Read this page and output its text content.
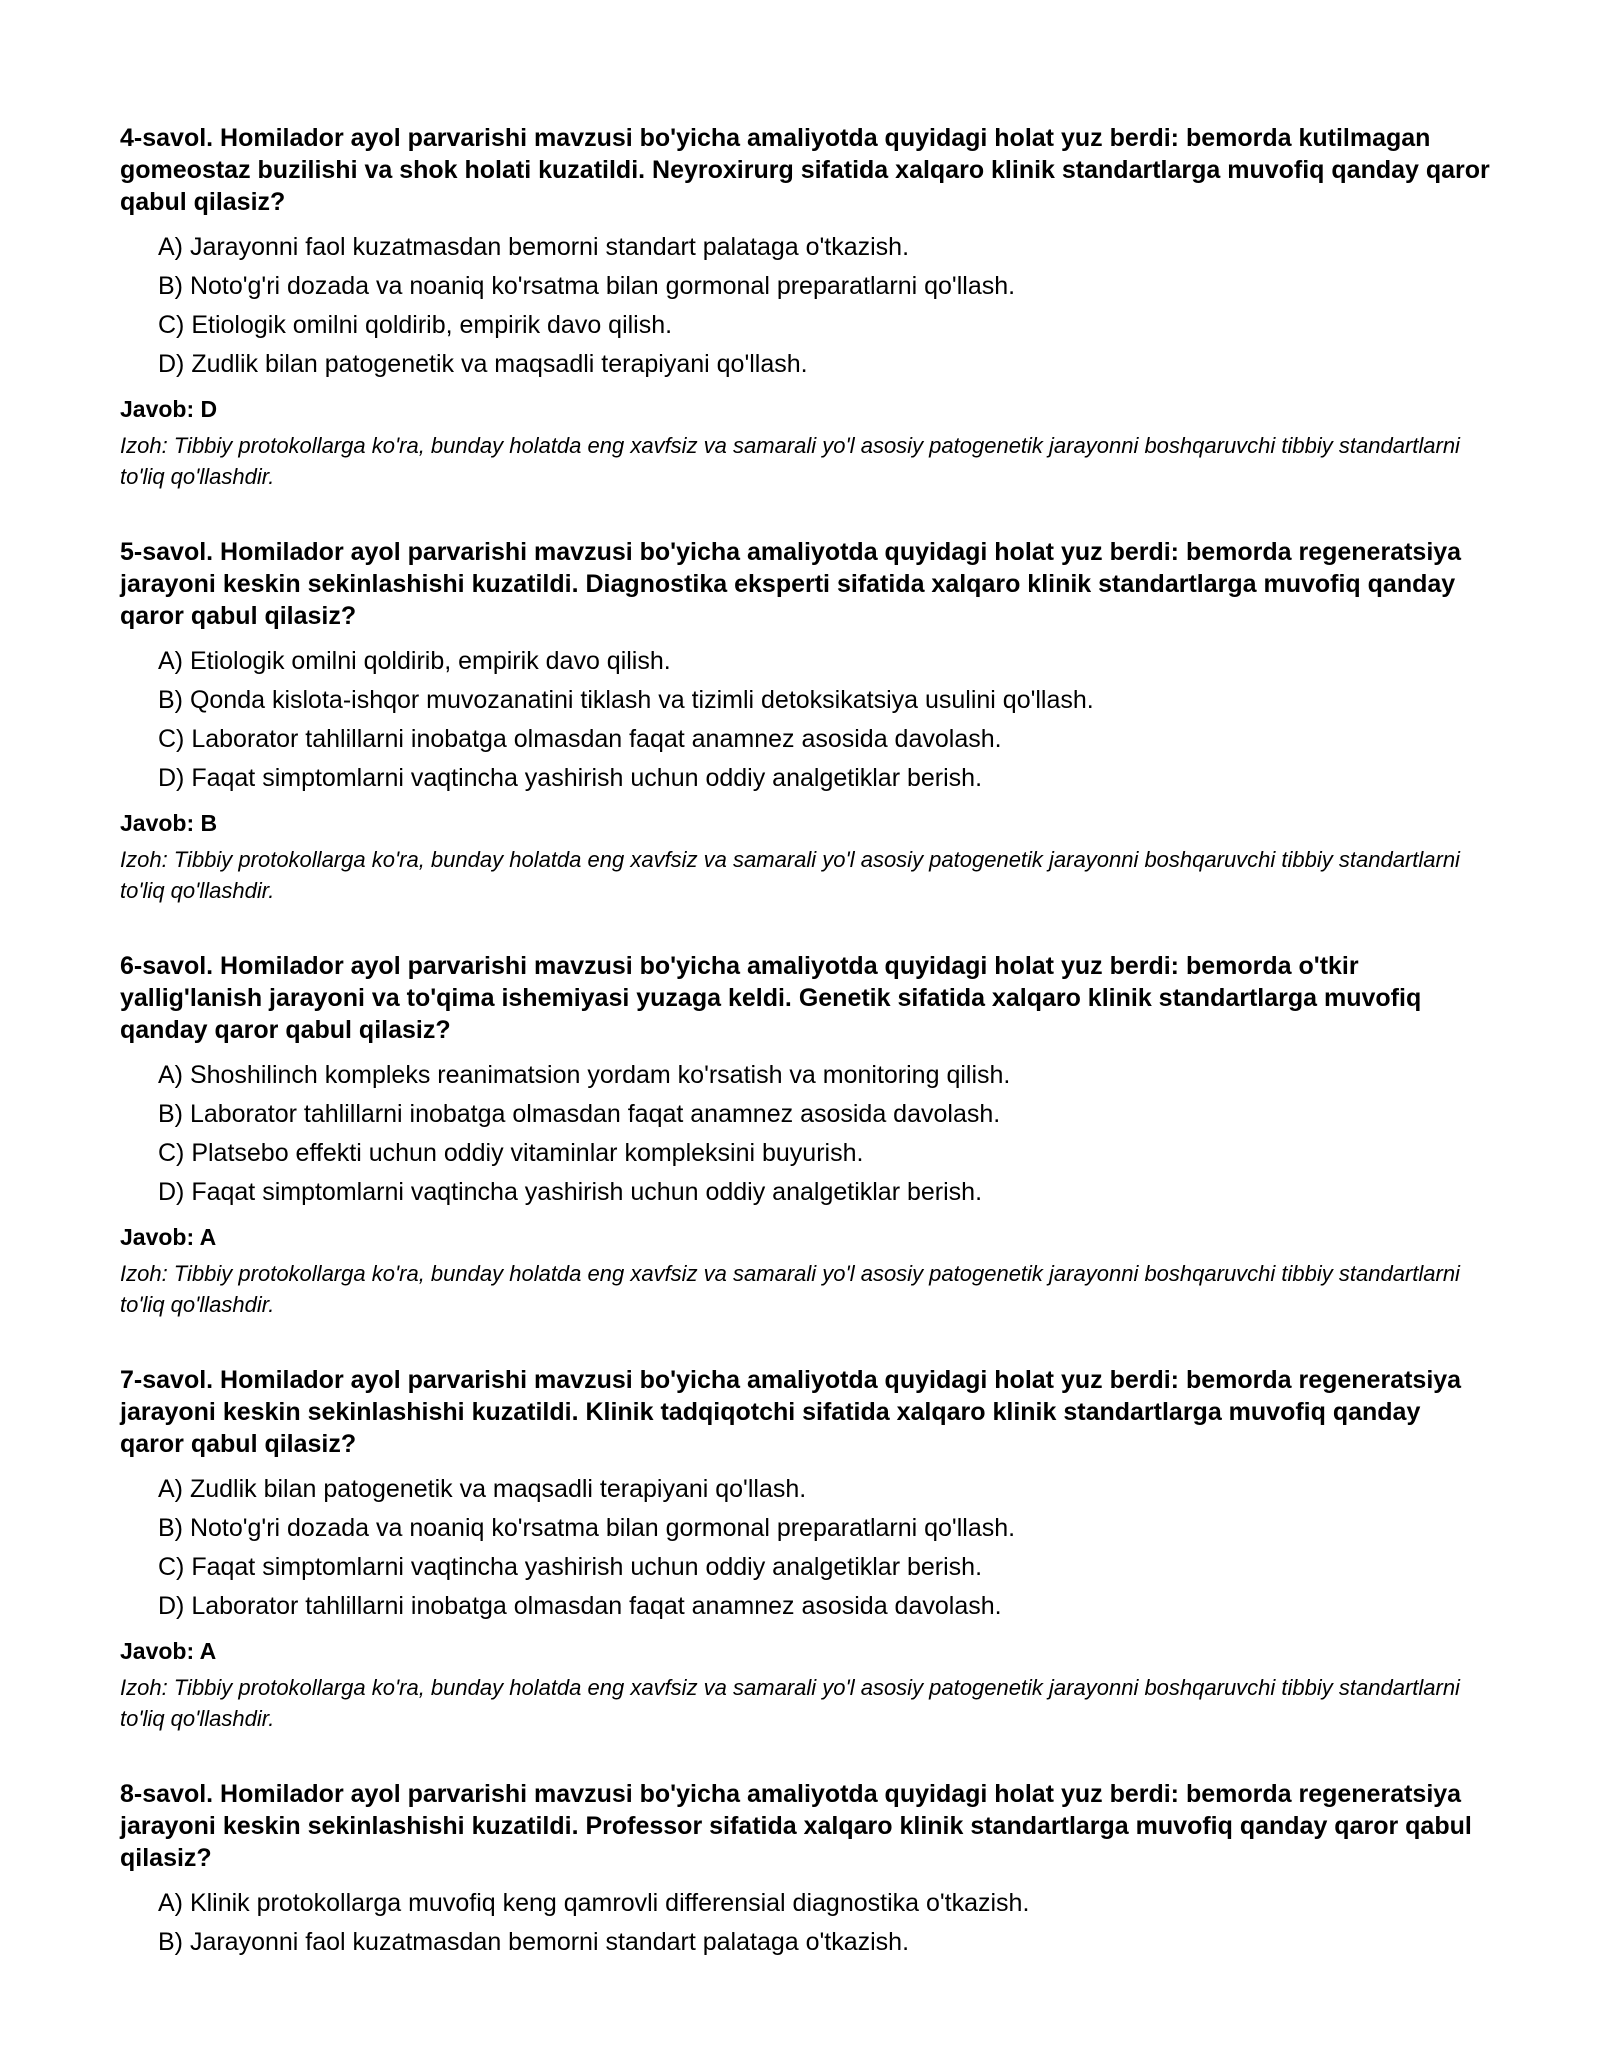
4-savol. Homilador ayol parvarishi mavzusi bo'yicha amaliyotda quyidagi holat yuz berdi: bemorda kutilmagan gomeostaz buzilishi va shok holati kuzatildi. Neyroxirurg sifatida xalqaro klinik standartlarga muvofiq qanday qaror qabul qilasiz?

A) Jarayonni faol kuzatmasdan bemorni standart palataga o'tkazish.
B) Noto'g'ri dozada va noaniq ko'rsatma bilan gormonal preparatlarni qo'llash.
C) Etiologik omilni qoldirib, empirik davo qilish.
D) Zudlik bilan patogenetik va maqsadli terapiyani qo'llash.

Javob: D

Izoh: Tibbiy protokollarga ko'ra, bunday holatda eng xavfsiz va samarali yo'l asosiy patogenetik jarayonni boshqaruvchi tibbiy standartlarni to'liq qo'llashdir.

5-savol. Homilador ayol parvarishi mavzusi bo'yicha amaliyotda quyidagi holat yuz berdi: bemorda regeneratsiya jarayoni keskin sekinlashishi kuzatildi. Diagnostika eksperti sifatida xalqaro klinik standartlarga muvofiq qanday qaror qabul qilasiz?

A) Etiologik omilni qoldirib, empirik davo qilish.
B) Qonda kislota-ishqor muvozanatini tiklash va tizimli detoksikatsiya usulini qo'llash.
C) Laborator tahlillarni inobatga olmasdan faqat anamnez asosida davolash.
D) Faqat simptomlarni vaqtincha yashirish uchun oddiy analgetiklar berish.

Javob: B

Izoh: Tibbiy protokollarga ko'ra, bunday holatda eng xavfsiz va samarali yo'l asosiy patogenetik jarayonni boshqaruvchi tibbiy standartlarni to'liq qo'llashdir.

6-savol. Homilador ayol parvarishi mavzusi bo'yicha amaliyotda quyidagi holat yuz berdi: bemorda o'tkir yallig'lanish jarayoni va to'qima ishemiyasi yuzaga keldi. Genetik sifatida xalqaro klinik standartlarga muvofiq qanday qaror qabul qilasiz?

A) Shoshilinch kompleks reanimatsion yordam ko'rsatish va monitoring qilish.
B) Laborator tahlillarni inobatga olmasdan faqat anamnez asosida davolash.
C) Platsebo effekti uchun oddiy vitaminlar kompleksini buyurish.
D) Faqat simptomlarni vaqtincha yashirish uchun oddiy analgetiklar berish.

Javob: A

Izoh: Tibbiy protokollarga ko'ra, bunday holatda eng xavfsiz va samarali yo'l asosiy patogenetik jarayonni boshqaruvchi tibbiy standartlarni to'liq qo'llashdir.

7-savol. Homilador ayol parvarishi mavzusi bo'yicha amaliyotda quyidagi holat yuz berdi: bemorda regeneratsiya jarayoni keskin sekinlashishi kuzatildi. Klinik tadqiqotchi sifatida xalqaro klinik standartlarga muvofiq qanday qaror qabul qilasiz?

A) Zudlik bilan patogenetik va maqsadli terapiyani qo'llash.
B) Noto'g'ri dozada va noaniq ko'rsatma bilan gormonal preparatlarni qo'llash.
C) Faqat simptomlarni vaqtincha yashirish uchun oddiy analgetiklar berish.
D) Laborator tahlillarni inobatga olmasdan faqat anamnez asosida davolash.

Javob: A

Izoh: Tibbiy protokollarga ko'ra, bunday holatda eng xavfsiz va samarali yo'l asosiy patogenetik jarayonni boshqaruvchi tibbiy standartlarni to'liq qo'llashdir.

8-savol. Homilador ayol parvarishi mavzusi bo'yicha amaliyotda quyidagi holat yuz berdi: bemorda regeneratsiya jarayoni keskin sekinlashishi kuzatildi. Professor sifatida xalqaro klinik standartlarga muvofiq qanday qaror qabul qilasiz?

A) Klinik protokollarga muvofiq keng qamrovli differensial diagnostika o'tkazish.
B) Jarayonni faol kuzatmasdan bemorni standart palataga o'tkazish.
